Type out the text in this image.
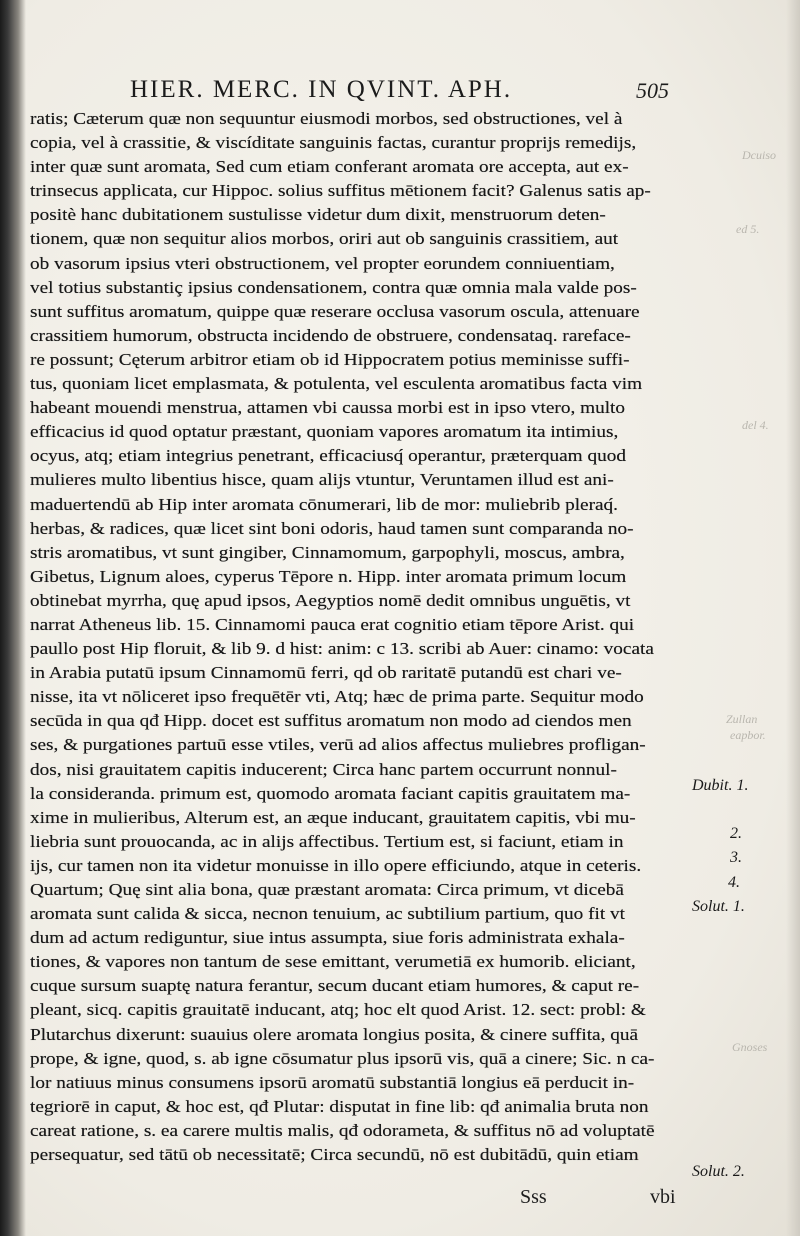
HIER. MERC. IN QVINT. APH.	505
ratis; Cæterum quæ non sequuntur eiusmodi morbos, sed obstructiones, vel à
copia, vel à crassitie, & viscíditate sanguinis factas, curantur proprijs remedijs,
inter quæ sunt aromata, Sed cum etiam conferant aromata ore accepta, aut ex-
trinsecus applicata, cur Hippoc. solius suffitus mētionem facit? Galenus satis ap-
positè hanc dubitationem sustulisse videtur dum dixit, menstruorum deten-
tionem, quæ non sequitur alios morbos, oriri aut ob sanguinis crassitiem, aut
ob vasorum ipsius vteri obstructionem, vel propter eorundem conniuentiam,
vel totius substantiç ipsius condensationem, contra quæ omnia mala valde pos-
sunt suffitus aromatum, quippe quæ reserare occlusa vasorum oscula, attenuare
crassitiem humorum, obstructa incidendo de obstruere, condensataq. rareface-
re possunt; Cęterum arbitror etiam ob id Hippocratem potius meminisse suffi-
tus, quoniam licet emplasmata, & potulenta, vel esculenta aromatibus facta vim
habeant mouendi menstrua, attamen vbi caussa morbi est in ipso vtero, multo
efficacius id quod optatur præstant, quoniam vapores aromatum ita intimius,
ocyus, atq; etiam integrius penetrant, efficaciusq́ operantur, præterquam quod
mulieres multo libentius hisce, quam alijs vtuntur, Veruntamen illud est ani-
maduertendū ab Hip inter aromata cōnumerari, lib de mor: muliebrib pleraq́.
herbas, & radices, quæ licet sint boni odoris, haud tamen sunt comparanda no-
stris aromatibus, vt sunt gingiber, Cinnamomum, garpophyli, moscus, ambra,
Gibetus, Lignum aloes, cyperus Tēpore n. Hipp. inter aromata primum locum
obtinebat myrrha, quę apud ipsos, Aegyptios nomē dedit omnibus unguētis, vt
narrat Atheneus lib. 15. Cinnamomi pauca erat cognitio etiam tēpore Arist. qui
paullo post Hip floruit, & lib 9. d hist: anim: c 13. scribi ab Auer: cinamo: vocata
in Arabia putatū ipsum Cinnamomū ferri, qd ob raritatē putandū est chari ve-
nisse, ita vt nōliceret ipso frequētēr vti, Atq; hæc de prima parte. Sequitur modo
secūda in qua qđ Hipp. docet est suffitus aromatum non modo ad ciendos men
ses, & purgationes partuū esse vtiles, verū ad alios affectus muliebres profligan-
dos, nisi grauitatem capitis inducerent; Circa hanc partem occurrunt nonnul-
la consideranda. primum est, quomodo aromata faciant capitis grauitatem ma-
xime in mulieribus, Alterum est, an æque inducant, grauitatem capitis, vbi mu-
liebria sunt prouocanda, ac in alijs affectibus. Tertium est, si faciunt, etiam in
ijs, cur tamen non ita videtur monuisse in illo opere efficiundo, atque in ceteris.
Quartum; Quę sint alia bona, quæ præstant aromata: Circa primum, vt dicebā
aromata sunt calida & sicca, necnon tenuium, ac subtilium partium, quo fit vt
dum ad actum rediguntur, siue intus assumpta, siue foris administrata exhala-
tiones, & vapores non tantum de sese emittant, verumetiā ex humorib. eliciant,
cuque sursum suaptę natura ferantur, secum ducant etiam humores, & caput re-
pleant, sicq. capitis grauitatē inducant, atq; hoc elt quod Arist. 12. sect: probl: &
Plutarchus dixerunt: suauius olere aromata longius posita, & cinere suffita, quā
prope, & igne, quod, s. ab igne cōsumatur plus ipsorū vis, quā a cinere; Sic. n ca-
lor natiuus minus consumens ipsorū aromatū substantiā longius eā perducit in-
tegriorē in caput, & hoc est, qđ Plutar: disputat in fine lib: qđ animalia bruta non
careat ratione, s. ea carere multis malis, qđ odorameta, & suffitus nō ad voluptatē
persequatur, sed tātū ob necessitatē; Circa secundū, nō est dubitādū, quin etiam
Dubit. 1.
2.
3.
4.
Solut. 1.
Solut. 2.
Dcuiso
ed 5.
del 4.
Zullan
eapbor.
Gnoses
Sss	vbi
